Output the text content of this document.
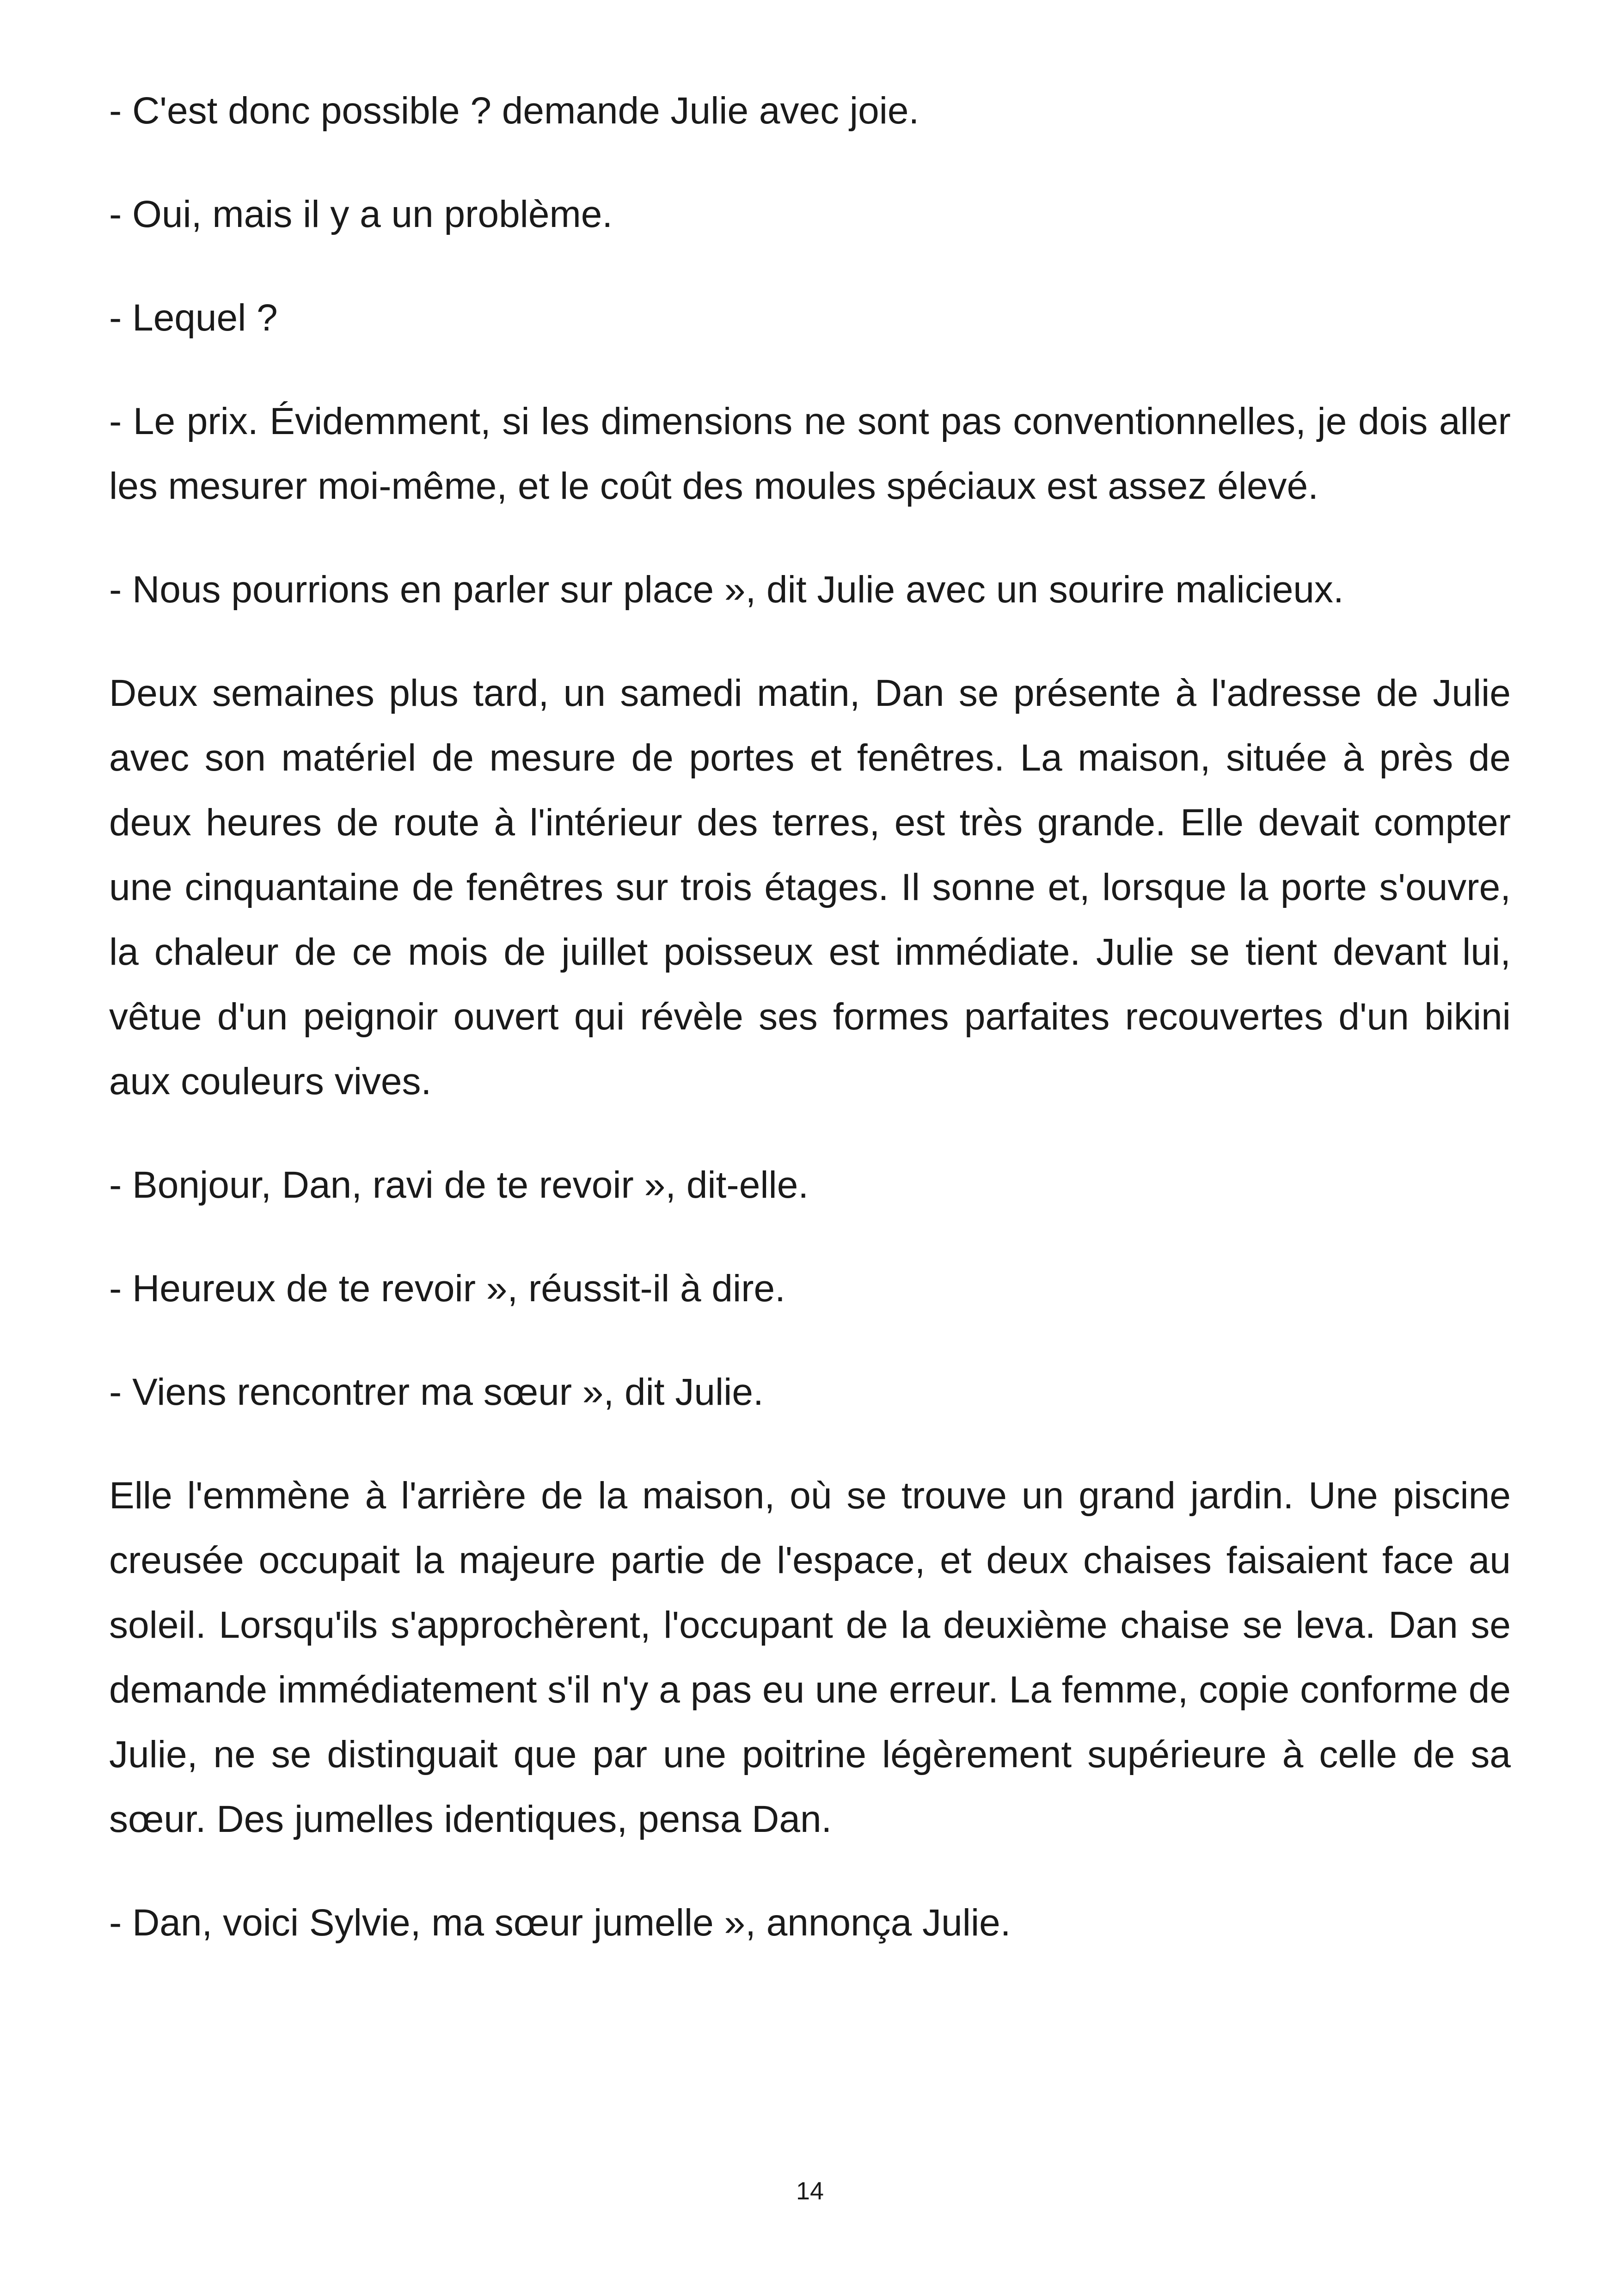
- C'est donc possible ? demande Julie avec joie.

- Oui, mais il y a un problème.

- Lequel ?

- Le prix. Évidemment, si les dimensions ne sont pas conventionnelles, je dois aller les mesurer moi-même, et le coût des moules spéciaux est assez élevé.

- Nous pourrions en parler sur place », dit Julie avec un sourire malicieux.

Deux semaines plus tard, un samedi matin, Dan se présente à l'adresse de Julie avec son matériel de mesure de portes et fenêtres. La maison, située à près de deux heures de route à l'intérieur des terres, est très grande. Elle devait compter une cinquantaine de fenêtres sur trois étages. Il sonne et, lorsque la porte s'ouvre, la chaleur de ce mois de juillet poisseux est immédiate. Julie se tient devant lui, vêtue d'un peignoir ouvert qui révèle ses formes parfaites recouvertes d'un bikini aux couleurs vives.

- Bonjour, Dan, ravi de te revoir », dit-elle.

- Heureux de te revoir », réussit-il à dire.

- Viens rencontrer ma sœur », dit Julie.

Elle l'emmène à l'arrière de la maison, où se trouve un grand jardin. Une piscine creusée occupait la majeure partie de l'espace, et deux chaises faisaient face au soleil. Lorsqu'ils s'approchèrent, l'occupant de la deuxième chaise se leva. Dan se demande immédiatement s'il n'y a pas eu une erreur. La femme, copie conforme de Julie, ne se distinguait que par une poitrine légèrement supérieure à celle de sa sœur. Des jumelles identiques, pensa Dan.

- Dan, voici Sylvie, ma sœur jumelle », annonça Julie.

14
